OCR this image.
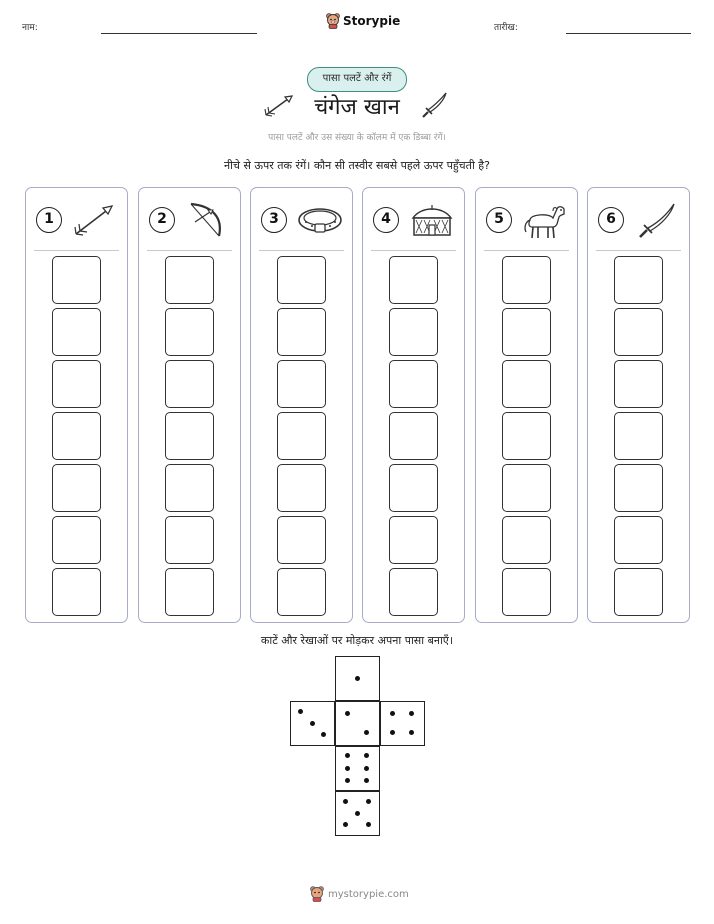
नाम:	Storypie	तारीख:
पासा पलटें और रंगें
चंगेज खान
पासा पलटें और उस संख्या के कॉलम में एक डिब्बा रंगें।
नीचे से ऊपर तक रंगें। कौन सी तस्वीर सबसे पहले ऊपर पहुँचती है?
1	2	3	4	5	6
काटें और रेखाओं पर मोड़कर अपना पासा बनाएँ।
mystorypie.com
